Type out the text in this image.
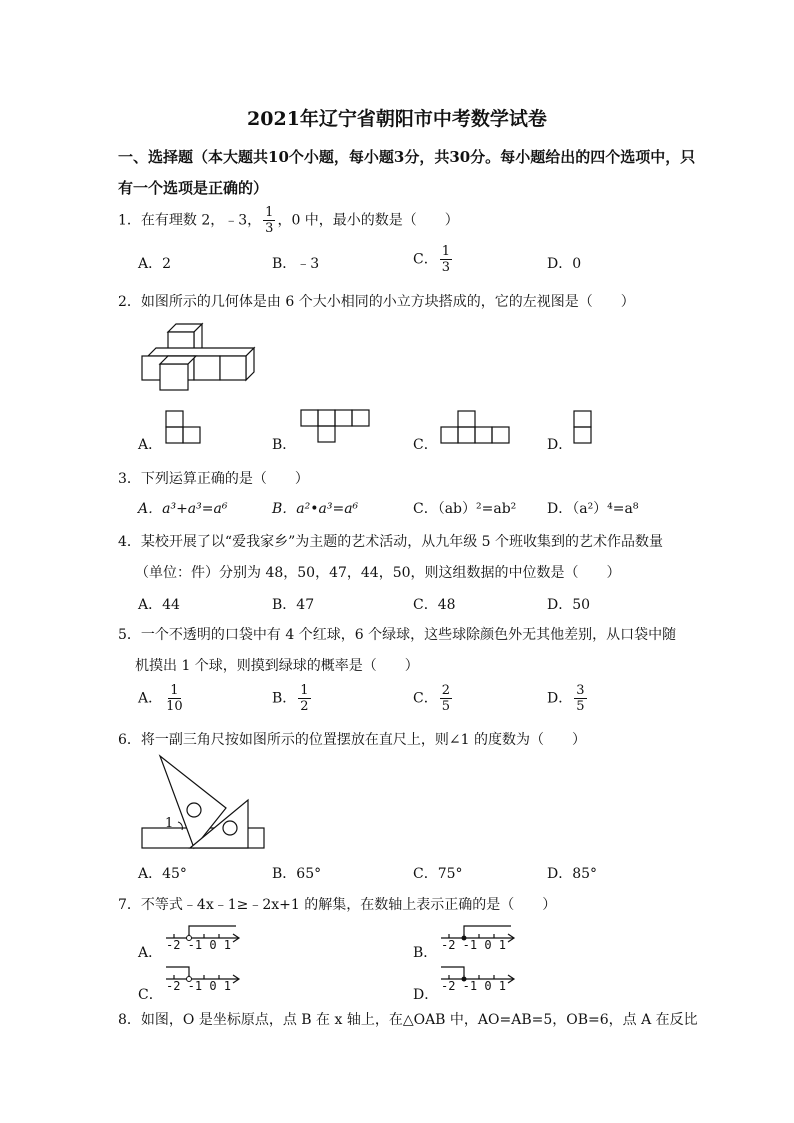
2021年辽宁省朝阳市中考数学试卷
一、选择题（本大题共10个小题，每小题3分，共30分。每小题给出的四个选项中，只
有一个选项是正确的）
1．在有理数 2，﹣3， $\frac{1}{3}$ ，0 中，最小的数是（　　）
A．2	B．﹣3	C． $\frac{1}{3}$	D．0
2．如图所示的几何体是由 6 个大小相同的小立方块搭成的，它的左视图是（　　）
A．	B．	C．	D．
3．下列运算正确的是（　　）
A．a³+a³=a⁶	B．a²•a³=a⁶	C．（ab）²=ab² D．（a²）⁴=a⁸
4．某校开展了以“爱我家乡”为主题的艺术活动，从九年级 5 个班收集到的艺术作品数量
（单位：件）分别为 48，50，47，44，50，则这组数据的中位数是（　　）
A．44	B．47	C．48	D．50
5．一个不透明的口袋中有 4 个红球，6 个绿球，这些球除颜色外无其他差别，从口袋中随
机摸出 1 个球，则摸到绿球的概率是（　　）
A． $\frac{1}{10}$	B． $\frac{1}{2}$	C． $\frac{2}{5}$	D． $\frac{3}{5}$
6．将一副三角尺按如图所示的位置摆放在直尺上，则∠1 的度数为（　　）
1
A．45°	B．65°	C．75°	D．85°
7．不等式﹣4x﹣1≥﹣2x+1 的解集，在数轴上表示正确的是（　　）
A． -2 -1 0 1	B． -2 -1 0 1
C．
-2 -1 0 1
D．
-2 -1 0 1
8．如图，O 是坐标原点，点 B 在 x 轴上，在△OAB 中，AO=AB=5，OB=6，点 A 在反比
